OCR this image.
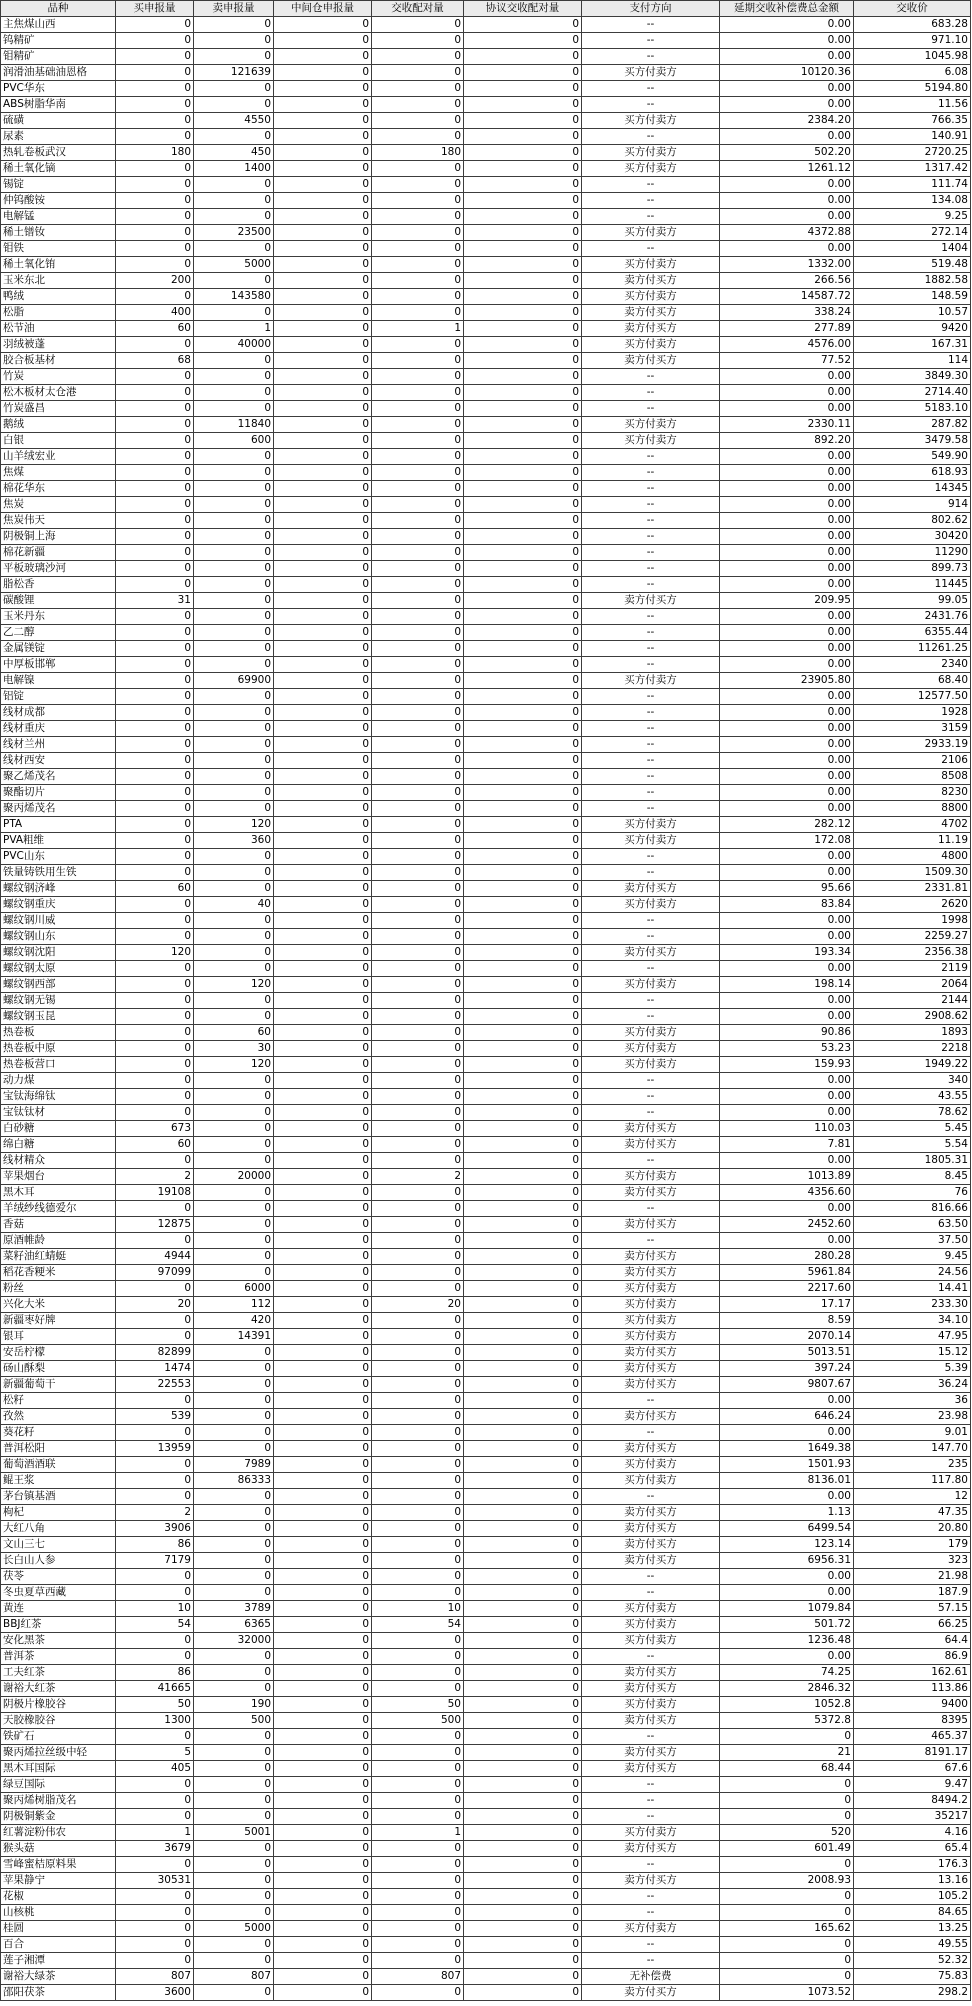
品种	买申报量	卖申报量	中间仓申报量	交收配对量	协议交收配对量	支付方向	延期交收补偿费总金额	交收价
主焦煤山西	0	0	0	0	0	--	0.00	683.28
钨精矿	0	0	0	0	0	--	0.00	971.10
钼精矿	0	0	0	0	0	--	0.00	1045.98
润滑油基础油恩格	0	121639	0	0	0	买方付卖方	10120.36	6.08
PVC华东	0	0	0	0	0	--	0.00	5194.80
ABS树脂华南	0	0	0	0	0	--	0.00	11.56
硫磺	0	4550	0	0	0	买方付卖方	2384.20	766.35
尿素	0	0	0	0	0	--	0.00	140.91
热轧卷板武汉	180	450	0	180	0	买方付卖方	502.20	2720.25
稀土氧化镝	0	1400	0	0	0	买方付卖方	1261.12	1317.42
锡锭	0	0	0	0	0	--	0.00	111.74
仲钨酸铵	0	0	0	0	0	--	0.00	134.08
电解锰	0	0	0	0	0	--	0.00	9.25
稀土镨钕	0	23500	0	0	0	买方付卖方	4372.88	272.14
钼铁	0	0	0	0	0	--	0.00	1404
稀土氧化铕	0	5000	0	0	0	买方付卖方	1332.00	519.48
玉米东北	200	0	0	0	0	卖方付买方	266.56	1882.58
鸭绒	0	143580	0	0	0	买方付卖方	14587.72	148.59
松脂	400	0	0	0	0	卖方付买方	338.24	10.57
松节油	60	1	0	1	0	卖方付买方	277.89	9420
羽绒被蓬	0	40000	0	0	0	买方付卖方	4576.00	167.31
胶合板基材	68	0	0	0	0	卖方付买方	77.52	114
竹炭	0	0	0	0	0	--	0.00	3849.30
松木板材太仓港	0	0	0	0	0	--	0.00	2714.40
竹炭盛昌	0	0	0	0	0	--	0.00	5183.10
鹅绒	0	11840	0	0	0	买方付卖方	2330.11	287.82
白银	0	600	0	0	0	买方付卖方	892.20	3479.58
山羊绒宏业	0	0	0	0	0	--	0.00	549.90
焦煤	0	0	0	0	0	--	0.00	618.93
棉花华东	0	0	0	0	0	--	0.00	14345
焦炭	0	0	0	0	0	--	0.00	914
焦炭伟天	0	0	0	0	0	--	0.00	802.62
阴极铜上海	0	0	0	0	0	--	0.00	30420
棉花新疆	0	0	0	0	0	--	0.00	11290
平板玻璃沙河	0	0	0	0	0	--	0.00	899.73
脂松香	0	0	0	0	0	--	0.00	11445
碳酸锂	31	0	0	0	0	卖方付买方	209.95	99.05
玉米丹东	0	0	0	0	0	--	0.00	2431.76
乙二醇	0	0	0	0	0	--	0.00	6355.44
金属镁锭	0	0	0	0	0	--	0.00	11261.25
中厚板邯郸	0	0	0	0	0	--	0.00	2340
电解镍	0	69900	0	0	0	买方付卖方	23905.80	68.40
铝锭	0	0	0	0	0	--	0.00	12577.50
线材成都	0	0	0	0	0	--	0.00	1928
线材重庆	0	0	0	0	0	--	0.00	3159
线材兰州	0	0	0	0	0	--	0.00	2933.19
线材西安	0	0	0	0	0	--	0.00	2106
聚乙烯茂名	0	0	0	0	0	--	0.00	8508
聚酯切片	0	0	0	0	0	--	0.00	8230
聚丙烯茂名	0	0	0	0	0	--	0.00	8800
PTA	0	120	0	0	0	买方付卖方	282.12	4702
PVA粗维	0	360	0	0	0	买方付卖方	172.08	11.19
PVC山东	0	0	0	0	0	--	0.00	4800
铁量铸铁用生铁	0	0	0	0	0	--	0.00	1509.30
螺纹钢济峰	60	0	0	0	0	卖方付买方	95.66	2331.81
螺纹钢重庆	0	40	0	0	0	买方付卖方	83.84	2620
螺纹钢川威	0	0	0	0	0	--	0.00	1998
螺纹钢山东	0	0	0	0	0	--	0.00	2259.27
螺纹钢沈阳	120	0	0	0	0	卖方付买方	193.34	2356.38
螺纹钢太原	0	0	0	0	0	--	0.00	2119
螺纹钢西部	0	120	0	0	0	买方付卖方	198.14	2064
螺纹钢无锡	0	0	0	0	0	--	0.00	2144
螺纹钢玉昆	0	0	0	0	0	--	0.00	2908.62
热卷板	0	60	0	0	0	买方付卖方	90.86	1893
热卷板中原	0	30	0	0	0	买方付卖方	53.23	2218
热卷板营口	0	120	0	0	0	买方付卖方	159.93	1949.22
动力煤	0	0	0	0	0	--	0.00	340
宝钛海绵钛	0	0	0	0	0	--	0.00	43.55
宝钛钛材	0	0	0	0	0	--	0.00	78.62
白砂糖	673	0	0	0	0	卖方付买方	110.03	5.45
绵白糖	60	0	0	0	0	卖方付买方	7.81	5.54
线材精众	0	0	0	0	0	--	0.00	1805.31
苹果烟台	2	20000	0	2	0	买方付卖方	1013.89	8.45
黑木耳	19108	0	0	0	0	卖方付买方	4356.60	76
羊绒纱线德爱尔	0	0	0	0	0	--	0.00	816.66
香菇	12875	0	0	0	0	卖方付买方	2452.60	63.50
原酒帷龄	0	0	0	0	0	--	0.00	37.50
菜籽油红蜻蜓	4944	0	0	0	0	卖方付买方	280.28	9.45
稻花香粳米	97099	0	0	0	0	卖方付买方	5961.84	24.56
粉丝	0	6000	0	0	0	买方付卖方	2217.60	14.41
兴化大米	20	112	0	20	0	买方付卖方	17.17	233.30
新疆枣好牌	0	420	0	0	0	买方付卖方	8.59	34.10
银耳	0	14391	0	0	0	买方付卖方	2070.14	47.95
安岳柠檬	82899	0	0	0	0	卖方付买方	5013.51	15.12
砀山酥梨	1474	0	0	0	0	卖方付买方	397.24	5.39
新疆葡萄干	22553	0	0	0	0	卖方付买方	9807.67	36.24
松籽	0	0	0	0	0	--	0.00	36
孜然	539	0	0	0	0	卖方付买方	646.24	23.98
葵花籽	0	0	0	0	0	--	0.00	9.01
普洱松阳	13959	0	0	0	0	卖方付买方	1649.38	147.70
葡萄酒酒联	0	7989	0	0	0	买方付卖方	1501.93	235
鲲王浆	0	86333	0	0	0	买方付卖方	8136.01	117.80
茅台镇基酒	0	0	0	0	0	--	0.00	12
枸杞	2	0	0	0	0	卖方付买方	1.13	47.35
大红八角	3906	0	0	0	0	卖方付买方	6499.54	20.80
文山三七	86	0	0	0	0	卖方付买方	123.14	179
长白山人参	7179	0	0	0	0	卖方付买方	6956.31	323
茯苓	0	0	0	0	0	--	0.00	21.98
冬虫夏草西藏	0	0	0	0	0	--	0.00	187.9
黄连	10	3789	0	10	0	买方付卖方	1079.84	57.15
BBJ红茶	54	6365	0	54	0	买方付卖方	501.72	66.25
安化黑茶	0	32000	0	0	0	买方付卖方	1236.48	64.4
普洱茶	0	0	0	0	0	--	0.00	86.9
工夫红茶	86	0	0	0	0	卖方付买方	74.25	162.61
谢裕大红茶	41665	0	0	0	0	卖方付买方	2846.32	113.86
阴极片橡胶谷	50	190	0	50	0	买方付卖方	1052.8	9400
天胶橡胶谷	1300	500	0	500	0	卖方付买方	5372.8	8395
铁矿石	0	0	0	0	0	--	0	465.37
聚丙烯拉丝级中轻	5	0	0	0	0	卖方付买方	21	8191.17
黑木耳国际	405	0	0	0	0	卖方付买方	68.44	67.6
绿豆国际	0	0	0	0	0	--	0	9.47
聚丙烯树脂茂名	0	0	0	0	0	--	0	8494.2
阴极铜紫金	0	0	0	0	0	--	0	35217
红薯淀粉伟农	1	5001	0	1	0	买方付卖方	520	4.16
猴头菇	3679	0	0	0	0	卖方付买方	601.49	65.4
雪峰蜜桔原料果	0	0	0	0	0	--	0	176.3
苹果静宁	30531	0	0	0	0	卖方付买方	2008.93	13.16
花椒	0	0	0	0	0	--	0	105.2
山核桃	0	0	0	0	0	--	0	84.65
桂圆	0	5000	0	0	0	买方付卖方	165.62	13.25
百合	0	0	0	0	0	--	0	49.55
莲子湘潭	0	0	0	0	0	--	0	52.32
谢裕大绿茶	807	807	0	807	0	无补偿费	0	75.83
邵阳茯茶	3600	0	0	0	0	卖方付买方	1073.52	298.2
